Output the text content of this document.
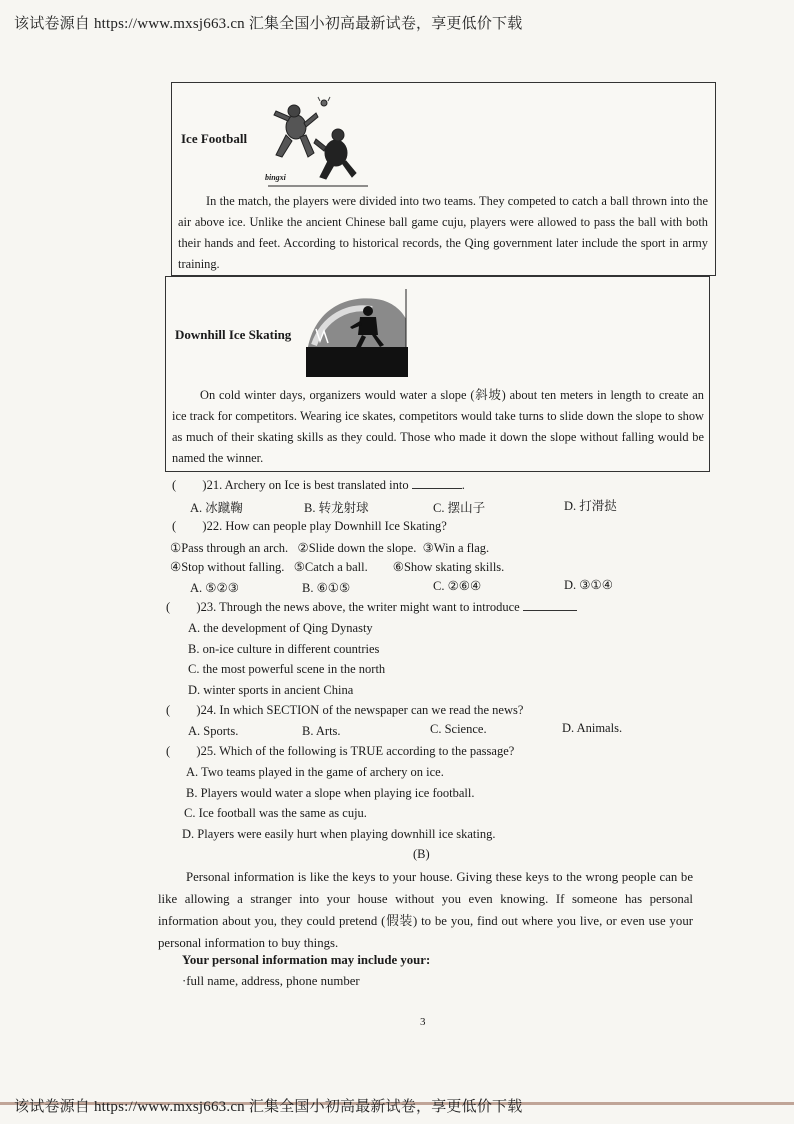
该试卷源自 https://www.mxsj663.cn 汇集全国小初高最新试卷，享更低价下载
Ice Football
bingxi
In the match, the players were divided into two teams. They competed to catch a ball thrown into the air above ice. Unlike the ancient Chinese ball game cuju, players were allowed to pass the ball with both their hands and feet. According to historical records, the Qing government later include the sport in army training.
Downhill Ice Skating
On cold winter days, organizers would water a slope (斜坡) about ten meters in length to create an ice track for competitors. Wearing ice skates, competitors would take turns to slide down the slope to show as much of their skating skills as they could. Those who made it down the slope without falling would be named the winner.
( )21. Archery on Ice is best translated into	.
A. 冰蹴鞠	B. 转龙射球	C. 摆山子	D. 打滑挞
( )22. How can people play Downhill Ice Skating?
①Pass through an arch.   ②Slide down the slope.  ③Win a flag.
④Stop without falling.   ⑤Catch a ball.        ⑥Show skating skills.
A. ⑤②③	B. ⑥①⑤	C. ②⑥④	D. ③①④
( )23. Through the news above, the writer might want to introduce
A. the development of Qing Dynasty
B. on-ice culture in different countries
C. the most powerful scene in the north
D. winter sports in ancient China
( )24. In which SECTION of the newspaper can we read the news?
A. Sports.	B. Arts.	C. Science.	D. Animals.
( )25. Which of the following is TRUE according to the passage?
A. Two teams played in the game of archery on ice.
B. Players would water a slope when playing ice football.
C. Ice football was the same as cuju.
D. Players were easily hurt when playing downhill ice skating.
(B)
Personal information is like the keys to your house. Giving these keys to the wrong people can be like allowing a stranger into your house without you even knowing. If someone has personal information about you, they could pretend (假装) to be you, find out where you live, or even use your personal information to buy things.
Your personal information may include your:
·full name, address, phone number
3
该试卷源自 https://www.mxsj663.cn 汇集全国小初高最新试卷，享更低价下载
